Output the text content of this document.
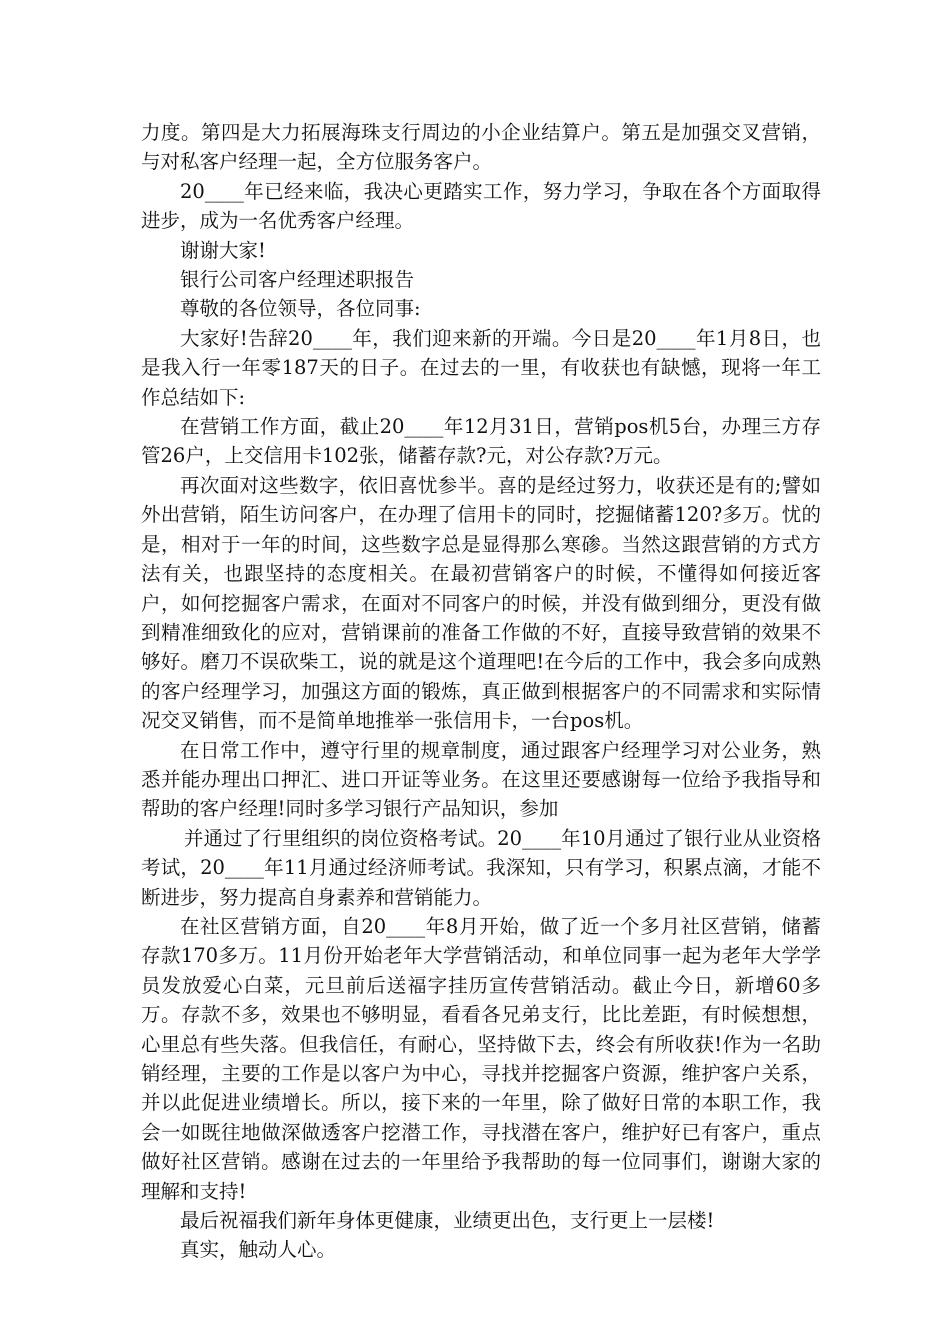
力度。第四是大力拓展海珠支行周边的小企业结算户。第五是加强交叉营销，与对私客户经理一起，全方位服务客户。

20____年已经来临，我决心更踏实工作，努力学习，争取在各个方面取得进步，成为一名优秀客户经理。

谢谢大家!

银行公司客户经理述职报告

尊敬的各位领导，各位同事:

大家好!告辞20____年，我们迎来新的开端。今日是20____年1月8日，也是我入行一年零187天的日子。在过去的一里，有收获也有缺憾，现将一年工作总结如下:

在营销工作方面，截止20____年12月31日，营销pos机5台，办理三方存管26户，上交信用卡102张，储蓄存款?元，对公存款?万元。

再次面对这些数字，依旧喜忧参半。喜的是经过努力，收获还是有的;譬如外出营销，陌生访问客户，在办理了信用卡的同时，挖掘储蓄120?多万。忧的是，相对于一年的时间，这些数字总是显得那么寒碜。当然这跟营销的方式方法有关，也跟坚持的态度相关。在最初营销客户的时候，不懂得如何接近客户，如何挖掘客户需求，在面对不同客户的时候，并没有做到细分，更没有做到精准细致化的应对，营销课前的准备工作做的不好，直接导致营销的效果不够好。磨刀不误砍柴工，说的就是这个道理吧!在今后的工作中，我会多向成熟的客户经理学习，加强这方面的锻炼，真正做到根据客户的不同需求和实际情况交叉销售，而不是简单地推举一张信用卡，一台pos机。

在日常工作中，遵守行里的规章制度，通过跟客户经理学习对公业务，熟悉并能办理出口押汇、进口开证等业务。在这里还要感谢每一位给予我指导和帮助的客户经理!同时多学习银行产品知识，参加

并通过了行里组织的岗位资格考试。20____年10月通过了银行业从业资格考试，20____年11月通过经济师考试。我深知，只有学习，积累点滴，才能不断进步，努力提高自身素养和营销能力。

在社区营销方面，自20____年8月开始，做了近一个多月社区营销，储蓄存款170多万。11月份开始老年大学营销活动，和单位同事一起为老年大学学员发放爱心白菜，元旦前后送福字挂历宣传营销活动。截止今日，新增60多万。存款不多，效果也不够明显，看看各兄弟支行，比比差距，有时候想想，心里总有些失落。但我信任，有耐心，坚持做下去，终会有所收获!作为一名助销经理，主要的工作是以客户为中心，寻找并挖掘客户资源，维护客户关系，并以此促进业绩增长。所以，接下来的一年里，除了做好日常的本职工作，我会一如既往地做深做透客户挖潜工作，寻找潜在客户，维护好已有客户，重点做好社区营销。感谢在过去的一年里给予我帮助的每一位同事们，谢谢大家的理解和支持!

最后祝福我们新年身体更健康，业绩更出色，支行更上一层楼!

真实，触动人心。
